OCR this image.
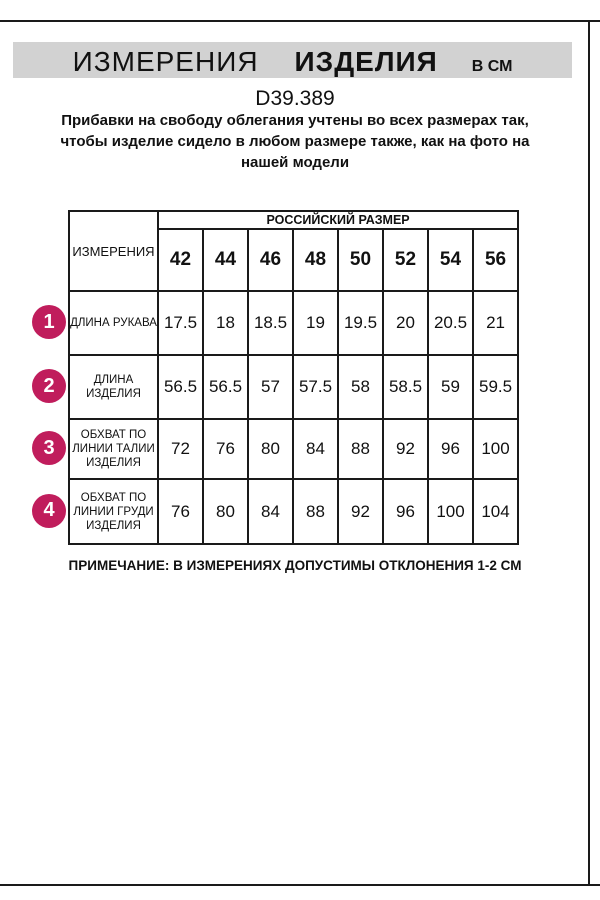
ИЗМЕРЕНИЯ ИЗДЕЛИЯ В СМ
D39.389
Прибавки на свободу облегания учтены во всех размерах так, чтобы изделие сидело в любом размере также, как на фото на нашей модели
ИЗМЕРЕНИЯ	РОССИЙСКИЙ РАЗМЕР							
	42	44	46	48	50	52	54	56
ДЛИНА РУКАВА	17.5	18	18.5	19	19.5	20	20.5	21
ДЛИНА ИЗДЕЛИЯ	56.5	56.5	57	57.5	58	58.5	59	59.5
ОБХВАТ ПО ЛИНИИ ТАЛИИ ИЗДЕЛИЯ	72	76	80	84	88	92	96	100
ОБХВАТ ПО ЛИНИИ ГРУДИ ИЗДЕЛИЯ	76	80	84	88	92	96	100	104
1
2
3
4
ПРИМЕЧАНИЕ: В ИЗМЕРЕНИЯХ ДОПУСТИМЫ ОТКЛОНЕНИЯ 1-2 СМ
